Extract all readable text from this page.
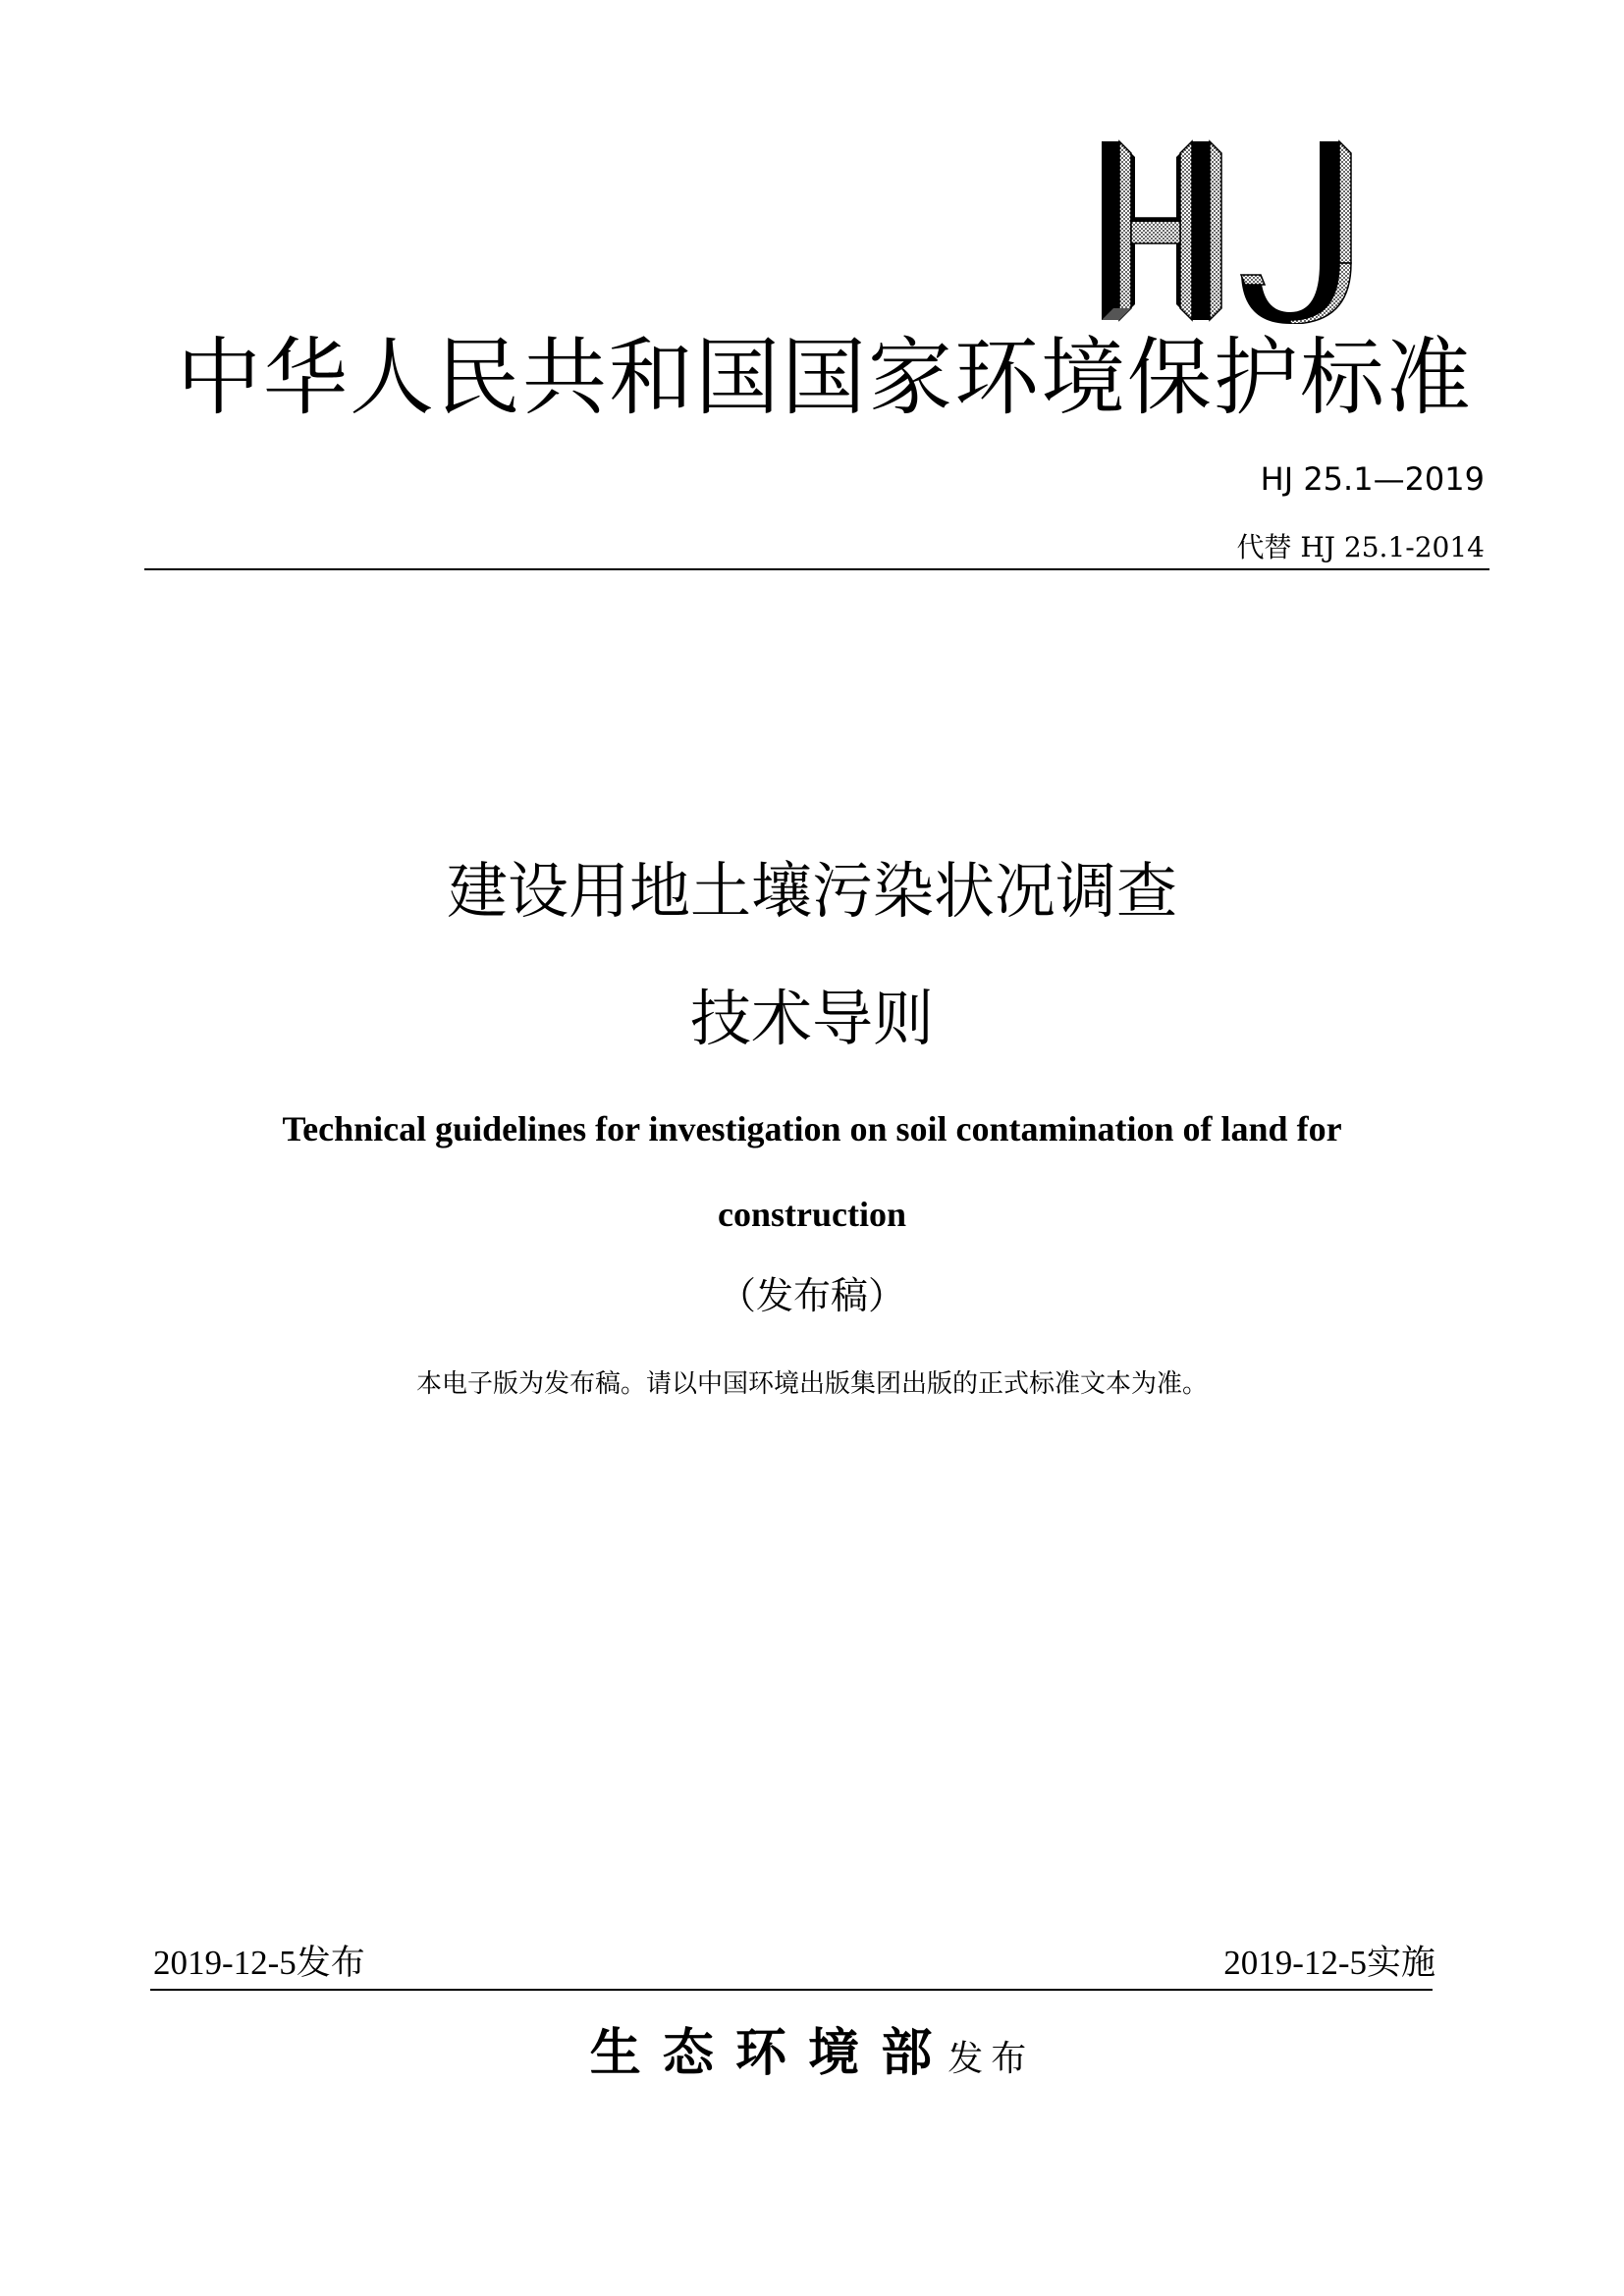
中华人民共和国国家环境保护标准
HJ 25.1—2019
代替 HJ 25.1-2014
建设用地土壤污染状况调查
技术导则
Technical guidelines for investigation on soil contamination of land for
construction
（发布稿）
本电子版为发布稿。请以中国环境出版集团出版的正式标准文本为准。
2019-12-5发布	2019-12-5实施
生 态 环 境 部 发布
